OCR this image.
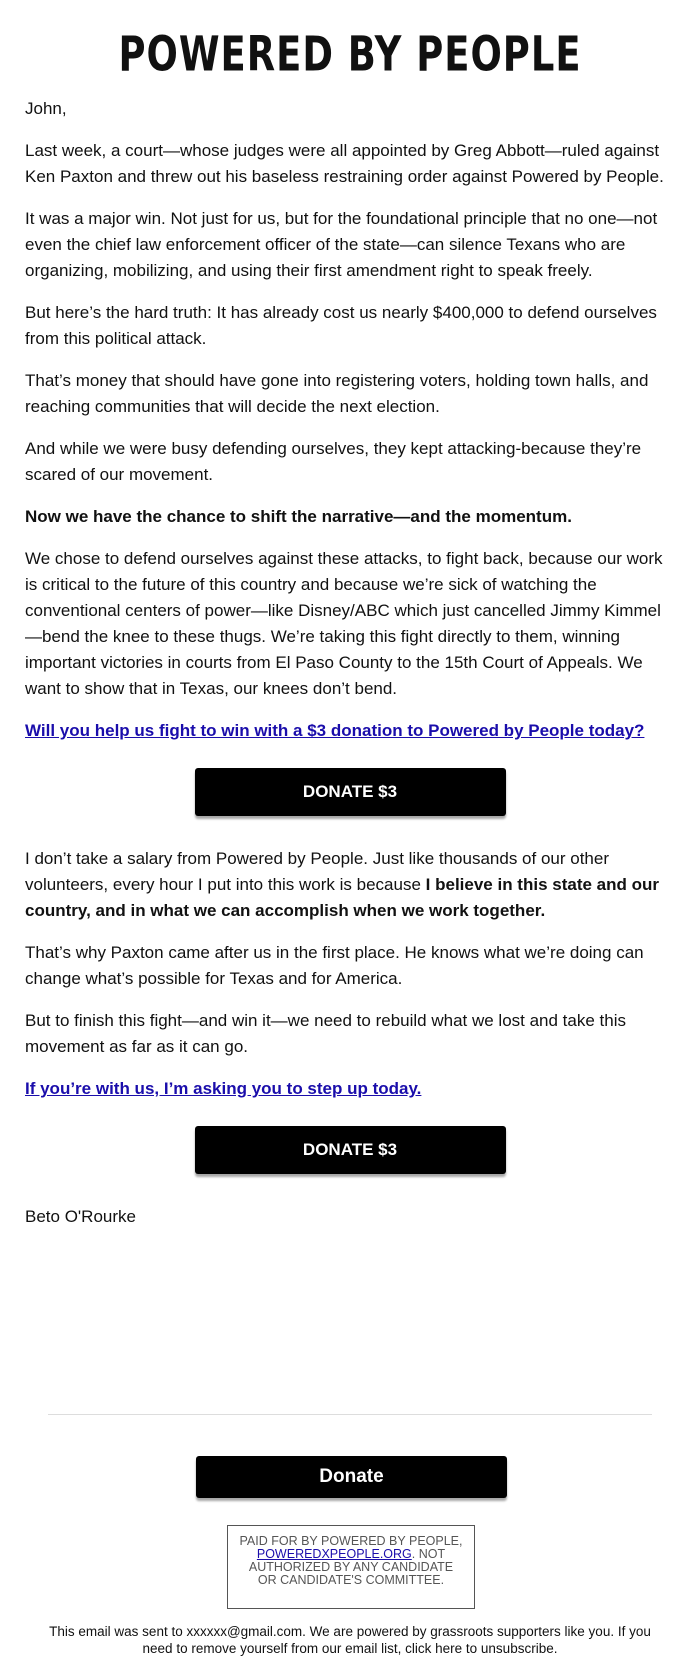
POWERED BY PEOPLE

John,

Last week, a court—whose judges were all appointed by Greg Abbott—ruled against Ken Paxton and threw out his baseless restraining order against Powered by People.

It was a major win. Not just for us, but for the foundational principle that no one—not even the chief law enforcement officer of the state—can silence Texans who are organizing, mobilizing, and using their first amendment right to speak freely.

But here’s the hard truth: It has already cost us nearly $400,000 to defend ourselves from this political attack.

That’s money that should have gone into registering voters, holding town halls, and reaching communities that will decide the next election.

And while we were busy defending ourselves, they kept attacking-because they’re scared of our movement.

Now we have the chance to shift the narrative—and the momentum.

We chose to defend ourselves against these attacks, to fight back, because our work is critical to the future of this country and because we’re sick of watching the conventional centers of power—like Disney/ABC which just cancelled Jimmy Kimmel—bend the knee to these thugs. We’re taking this fight directly to them, winning important victories in courts from El Paso County to the 15th Court of Appeals. We want to show that in Texas, our knees don’t bend.

Will you help us fight to win with a $3 donation to Powered by People today?

DONATE $3

I don’t take a salary from Powered by People. Just like thousands of our other volunteers, every hour I put into this work is because I believe in this state and our country, and in what we can accomplish when we work together.

That’s why Paxton came after us in the first place. He knows what we’re doing can change what’s possible for Texas and for America.

But to finish this fight—and win it—we need to rebuild what we lost and take this movement as far as it can go.

If you’re with us, I’m asking you to step up today.

DONATE $3

Beto O'Rourke

Donate
PAID FOR BY POWERED BY PEOPLE, POWEREDXPEOPLE.ORG. NOT AUTHORIZED BY ANY CANDIDATE OR CANDIDATE'S COMMITTEE.
This email was sent to xxxxxx@gmail.com. We are powered by grassroots supporters like you. If you need to remove yourself from our email list, click here to unsubscribe.
